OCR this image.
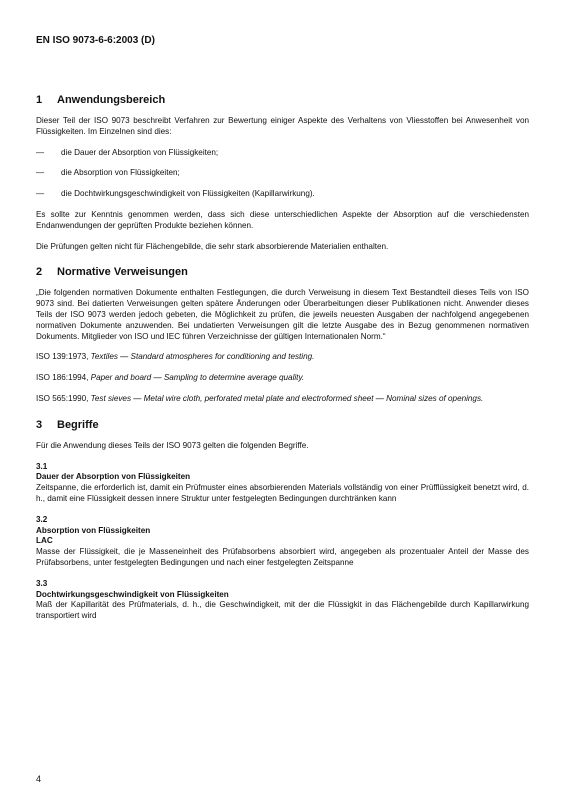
EN ISO 9073-6-6:2003 (D)
1 Anwendungsbereich

Dieser Teil der ISO 9073 beschreibt Verfahren zur Bewertung einiger Aspekte des Verhaltens von Vliesstoffen bei Anwesenheit von Flüssigkeiten. Im Einzelnen sind dies:

—	die Dauer der Absorption von Flüssigkeiten;
—	die Absorption von Flüssigkeiten;
—	die Dochtwirkungsgeschwindigkeit von Flüssigkeiten (Kapillarwirkung).

Es sollte zur Kenntnis genommen werden, dass sich diese unterschiedlichen Aspekte der Absorption auf die verschiedensten Endanwendungen der geprüften Produkte beziehen können.

Die Prüfungen gelten nicht für Flächengebilde, die sehr stark absorbierende Materialien enthalten.

2 Normative Verweisungen

„Die folgenden normativen Dokumente enthalten Festlegungen, die durch Verweisung in diesem Text Bestandteil dieses Teils von ISO 9073 sind. Bei datierten Verweisungen gelten spätere Änderungen oder Überarbeitungen dieser Publikationen nicht. Anwender dieses Teils der ISO 9073 werden jedoch gebeten, die Möglichkeit zu prüfen, die jeweils neuesten Ausgaben der nachfolgend angegebenen normativen Dokumente anzuwenden. Bei undatierten Verweisungen gilt die letzte Ausgabe des in Bezug genommenen normativen Dokuments. Mitglieder von ISO und IEC führen Verzeichnisse der gültigen Internationalen Norm.“

ISO 139:1973, Textiles — Standard atmospheres for conditioning and testing.

ISO 186:1994, Paper and board — Sampling to determine average quality.

ISO 565:1990, Test sieves — Metal wire cloth, perforated metal plate and electroformed sheet — Nominal sizes of openings.

3 Begriffe

Für die Anwendung dieses Teils der ISO 9073 gelten die folgenden Begriffe.

3.1
Dauer der Absorption von Flüssigkeiten
Zeitspanne, die erforderlich ist, damit ein Prüfmuster eines absorbierenden Materials vollständig von einer Prüfflüssigkeit benetzt wird, d. h., damit eine Flüssigkeit dessen innere Struktur unter festgelegten Bedingungen durchtränken kann
3.2
Absorption von Flüssigkeiten
LAC
Masse der Flüssigkeit, die je Masseneinheit des Prüfabsorbens absorbiert wird, angegeben als prozentualer Anteil der Masse des Prüfabsorbens, unter festgelegten Bedingungen und nach einer festgelegten Zeitspanne
3.3
Dochtwirkungsgeschwindigkeit von Flüssigkeiten
Maß der Kapillarität des Prüfmaterials, d. h., die Geschwindigkeit, mit der die Flüssigkit in das Flächengebilde durch Kapillarwirkung transportiert wird
4
